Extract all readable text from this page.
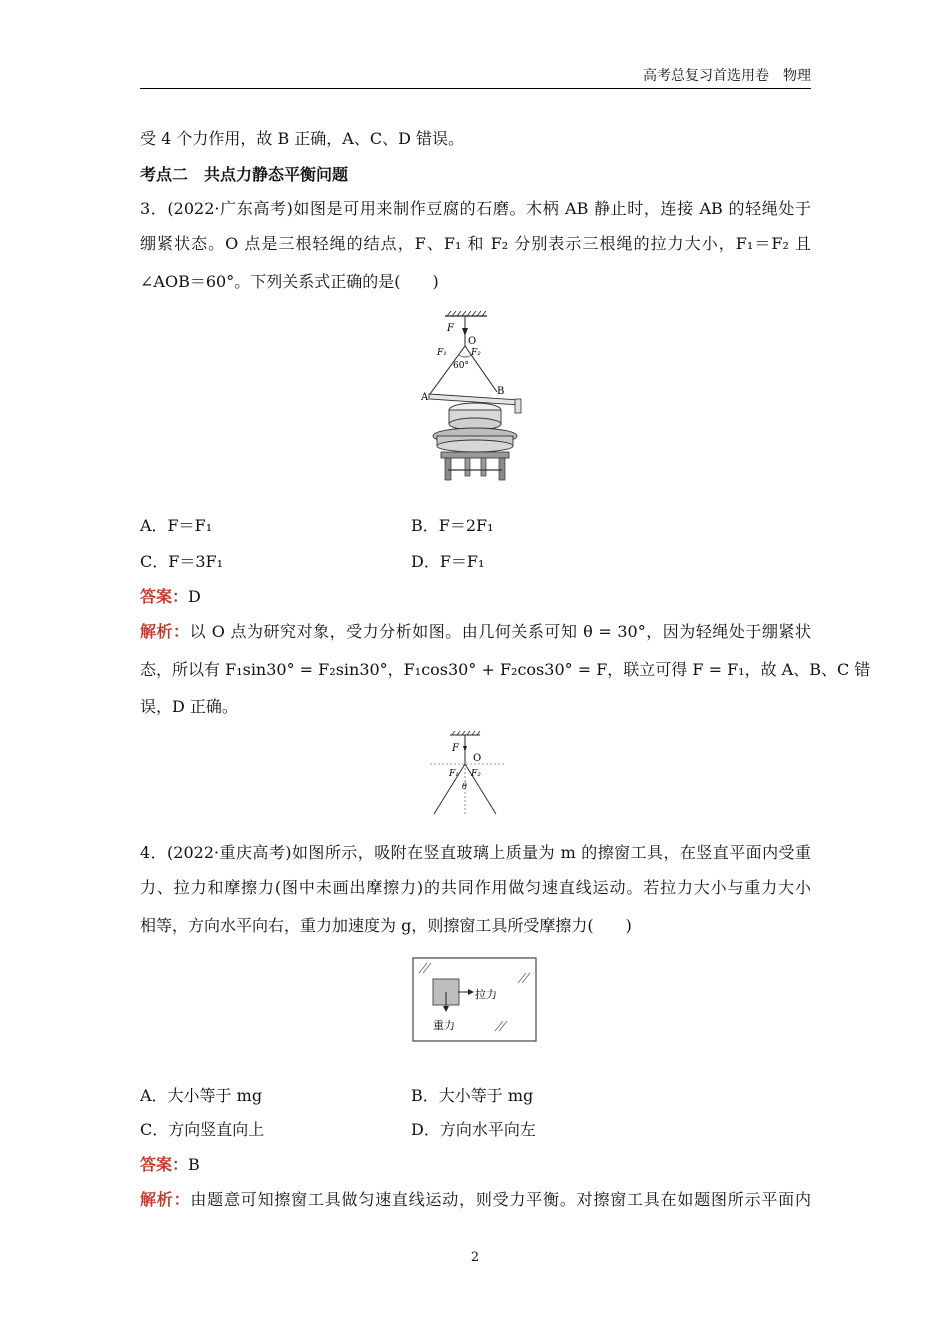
高考总复习首选用卷　物理
受 4 个力作用，故 B 正确，A、C、D 错误。
考点二　共点力静态平衡问题
3．(2022·广东高考)如图是可用来制作豆腐的石磨。木柄 AB 静止时，连接 AB 的轻绳处于
绷紧状态。O 点是三根轻绳的结点，F、F₁ 和 F₂ 分别表示三根绳的拉力大小，F₁＝F₂ 且
∠AOB＝60°。下列关系式正确的是(　　)
F
O
F₁	F₂
60°
A
B
A．F＝F₁	B．F＝2F₁
C．F＝3F₁	D．F＝F₁
答案：D
解析：以 O 点为研究对象，受力分析如图。由几何关系可知 θ = 30°，因为轻绳处于绷紧状
态，所以有 F₁sin30° = F₂sin30°，F₁cos30° + F₂cos30° = F，联立可得 F = F₁，故 A、B、C 错
误，D 正确。
F
O
F₁ F₂
θ
4．(2022·重庆高考)如图所示，吸附在竖直玻璃上质量为 m 的擦窗工具，在竖直平面内受重
力、拉力和摩擦力(图中未画出摩擦力)的共同作用做匀速直线运动。若拉力大小与重力大小
相等，方向水平向右，重力加速度为 g，则擦窗工具所受摩擦力(　　)
拉力
重力
A．大小等于 mg	B．大小等于 mg
C．方向竖直向上	D．方向水平向左
答案：B
解析：由题意可知擦窗工具做匀速直线运动，则受力平衡。对擦窗工具在如题图所示平面内
2
